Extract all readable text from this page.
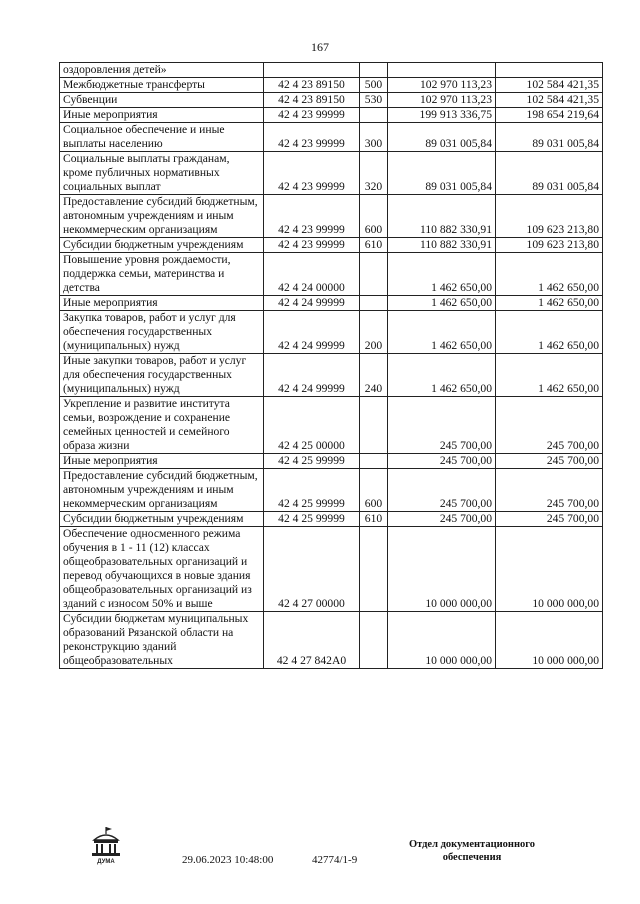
167
оздоровления детей»				
Межбюджетные трансферты	42 4 23 89150	500	102 970 113,23	102 584 421,35
Субвенции	42 4 23 89150	530	102 970 113,23	102 584 421,35
Иные мероприятия	42 4 23 99999		199 913 336,75	198 654 219,64
Социальное обеспечение и иные выплаты населению	42 4 23 99999	300	89 031 005,84	89 031 005,84
Социальные выплаты гражданам, кроме публичных нормативных социальных выплат	42 4 23 99999	320	89 031 005,84	89 031 005,84
Предоставление субсидий бюджетным, автономным учреждениям и иным некоммерческим организациям	42 4 23 99999	600	110 882 330,91	109 623 213,80
Субсидии бюджетным учреждениям	42 4 23 99999	610	110 882 330,91	109 623 213,80
Повышение уровня рождаемости, поддержка семьи, материнства и детства	42 4 24 00000		1 462 650,00	1 462 650,00
Иные мероприятия	42 4 24 99999		1 462 650,00	1 462 650,00
Закупка товаров, работ и услуг для обеспечения государственных (муниципальных) нужд	42 4 24 99999	200	1 462 650,00	1 462 650,00
Иные закупки товаров, работ и услуг для обеспечения государственных (муниципальных) нужд	42 4 24 99999	240	1 462 650,00	1 462 650,00
Укрепление и развитие института семьи, возрождение и сохранение семейных ценностей и семейного образа жизни	42 4 25 00000		245 700,00	245 700,00
Иные мероприятия	42 4 25 99999		245 700,00	245 700,00
Предоставление субсидий бюджетным, автономным учреждениям и иным некоммерческим организациям	42 4 25 99999	600	245 700,00	245 700,00
Субсидии бюджетным учреждениям	42 4 25 99999	610	245 700,00	245 700,00
Обеспечение односменного режима обучения в 1 - 11 (12) классах общеобразовательных организаций и перевод обучающихся в новые здания общеобразовательных организаций из зданий с износом 50% и выше	42 4 27 00000		10 000 000,00	10 000 000,00
Субсидии бюджетам муниципальных образований Рязанской области на реконструкцию зданий общеобразовательных	42 4 27 842А0		10 000 000,00	10 000 000,00
ДУМА	29.06.2023 10:48:00	42774/1-9
Отдел документационного
обеспечения
